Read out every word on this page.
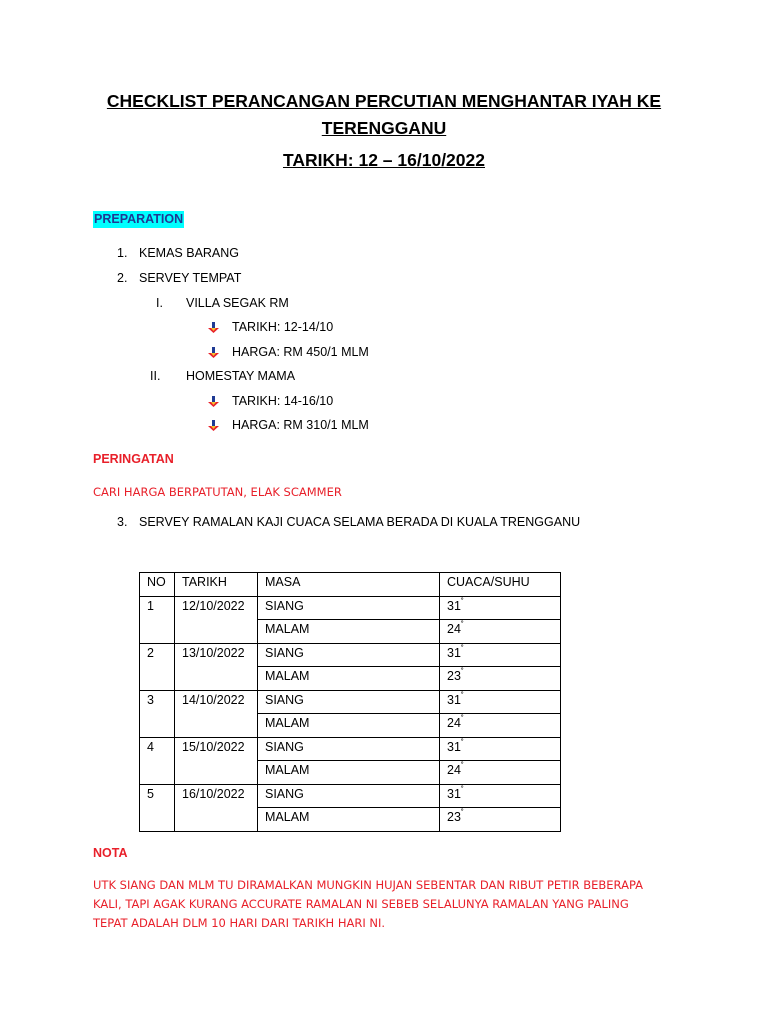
CHECKLIST PERANCANGAN PERCUTIAN MENGHANTAR IYAH KE
TERENGGANU
TARIKH: 12 – 16/10/2022
PREPARATION
1. KEMAS BARANG
2. SERVEY TEMPAT
I. VILLA SEGAK RM
TARIKH: 12-14/10
HARGA: RM 450/1 MLM
II. HOMESTAY MAMA
TARIKH: 14-16/10
HARGA: RM 310/1 MLM
PERINGATAN
CARI HARGA BERPATUTAN, ELAK SCAMMER
3. SERVEY RAMALAN KAJI CUACA SELAMA BERADA DI KUALA TRENGGANU
NO	TARIKH	MASA	CUACA/SUHU
1	12/10/2022	SIANG	31˚
		MALAM	24˚
2	13/10/2022	SIANG	31˚
		MALAM	23˚
3	14/10/2022	SIANG	31˚
		MALAM	24˚
4	15/10/2022	SIANG	31˚
		MALAM	24˚
5	16/10/2022	SIANG	31˚
		MALAM	23˚
NOTA
UTK SIANG DAN MLM TU DIRAMALKAN MUNGKIN HUJAN SEBENTAR DAN RIBUT PETIR BEBERAPA
KALI, TAPI AGAK KURANG ACCURATE RAMALAN NI SEBEB SELALUNYA RAMALAN YANG PALING
TEPAT ADALAH DLM 10 HARI DARI TARIKH HARI NI.
